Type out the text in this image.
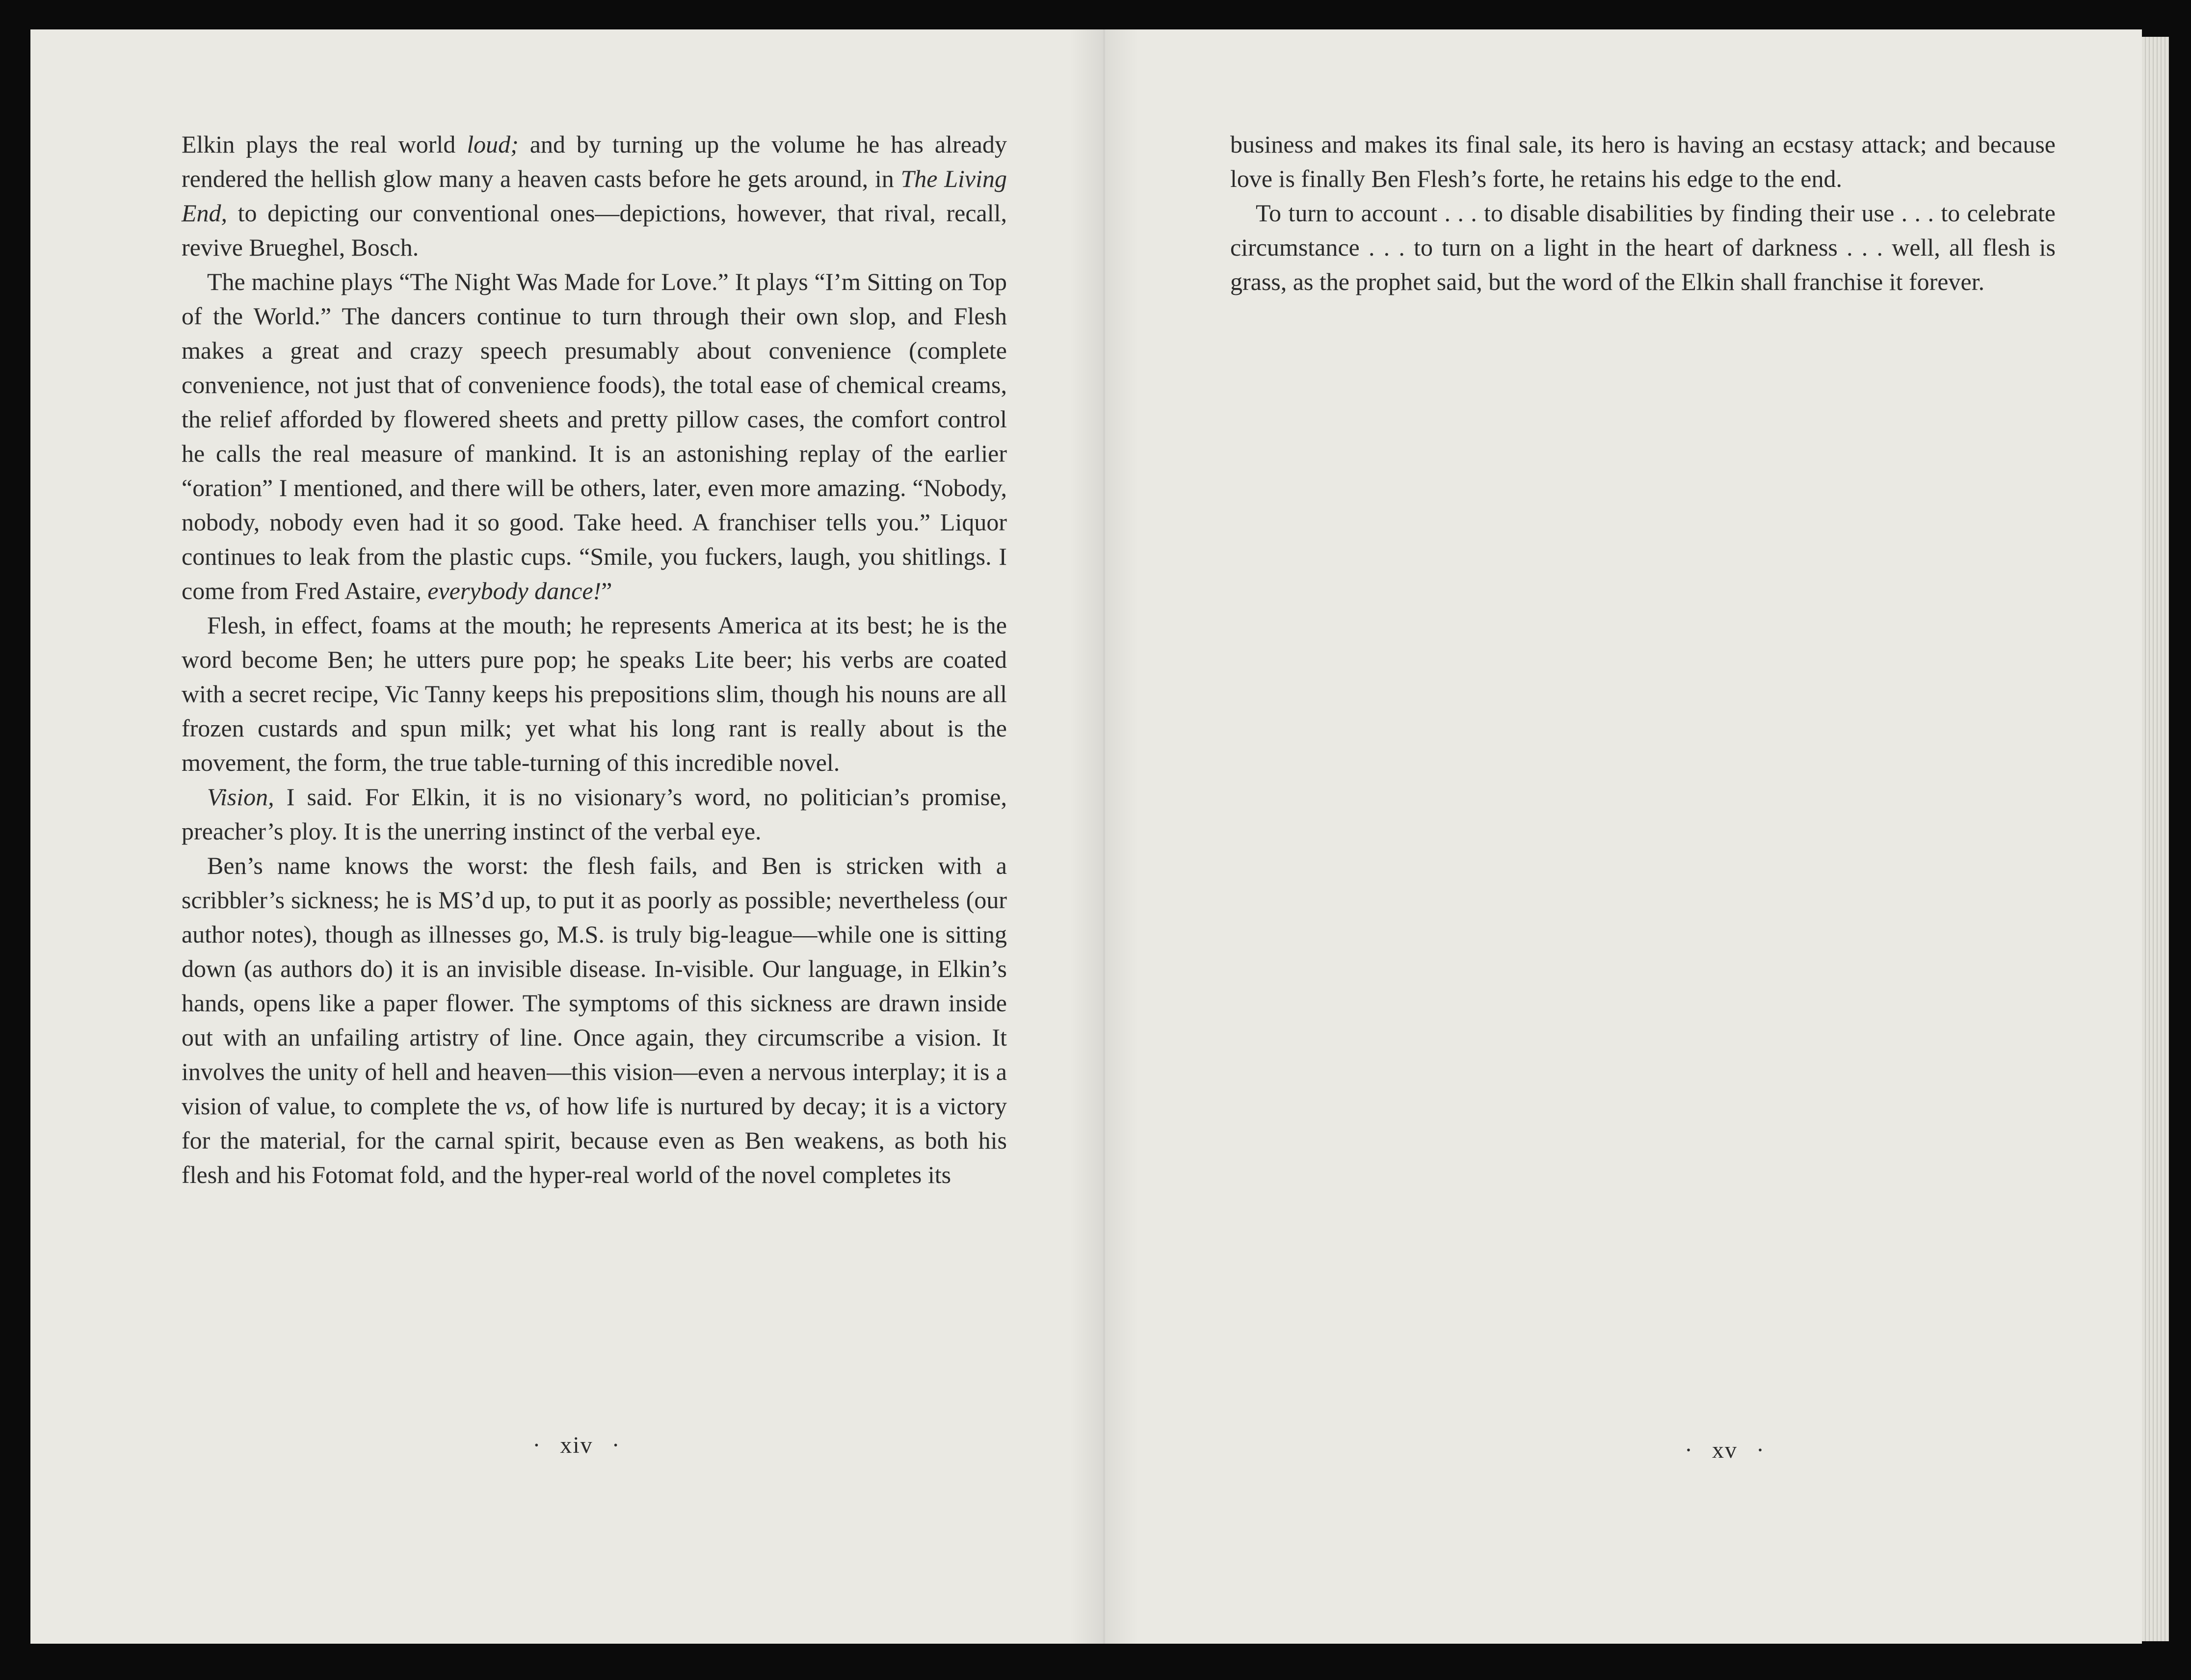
Elkin plays the real world loud; and by turning up the volume he has already rendered the hellish glow many a heaven casts before he gets around, in The Living End, to depicting our conventional ones—depictions, however, that rival, recall, revive Brueghel, Bosch.

The machine plays “The Night Was Made for Love.” It plays “I’m Sitting on Top of the World.” The dancers continue to turn through their own slop, and Flesh makes a great and crazy speech presumably about convenience (complete convenience, not just that of convenience foods), the total ease of chemical creams, the relief afforded by flowered sheets and pretty pillow cases, the comfort control he calls the real measure of mankind. It is an astonishing replay of the earlier “oration” I mentioned, and there will be others, later, even more amazing. “Nobody, nobody, nobody even had it so good. Take heed. A franchiser tells you.” Liquor continues to leak from the plastic cups. “Smile, you fuckers, laugh, you shitlings. I come from Fred Astaire, everybody dance!”

Flesh, in effect, foams at the mouth; he represents America at its best; he is the word become Ben; he utters pure pop; he speaks Lite beer; his verbs are coated with a secret recipe, Vic Tanny keeps his prepositions slim, though his nouns are all frozen custards and spun milk; yet what his long rant is really about is the movement, the form, the true table-turning of this incredible novel.

Vision, I said. For Elkin, it is no visionary’s word, no politician’s promise, preacher’s ploy. It is the unerring instinct of the verbal eye.

Ben’s name knows the worst: the flesh fails, and Ben is stricken with a scribbler’s sickness; he is MS’d up, to put it as poorly as possible; nevertheless (our author notes), though as illnesses go, M.S. is truly big-league—while one is sitting down (as authors do) it is an invisible disease. In-visible. Our language, in Elkin’s hands, opens like a paper flower. The symptoms of this sickness are drawn inside out with an unfailing artistry of line. Once again, they circumscribe a vision. It involves the unity of hell and heaven—this vision—even a nervous interplay; it is a vision of value, to complete the vs, of how life is nurtured by decay; it is a victory for the material, for the carnal spirit, because even as Ben weakens, as both his flesh and his Fotomat fold, and the hyper-real world of the novel completes its

· xiv ·

business and makes its final sale, its hero is having an ecstasy attack; and because love is finally Ben Flesh’s forte, he retains his edge to the end.

To turn to account . . . to disable disabilities by finding their use . . . to celebrate circumstance . . . to turn on a light in the heart of darkness . . . well, all flesh is grass, as the prophet said, but the word of the Elkin shall franchise it forever.

· xv ·
